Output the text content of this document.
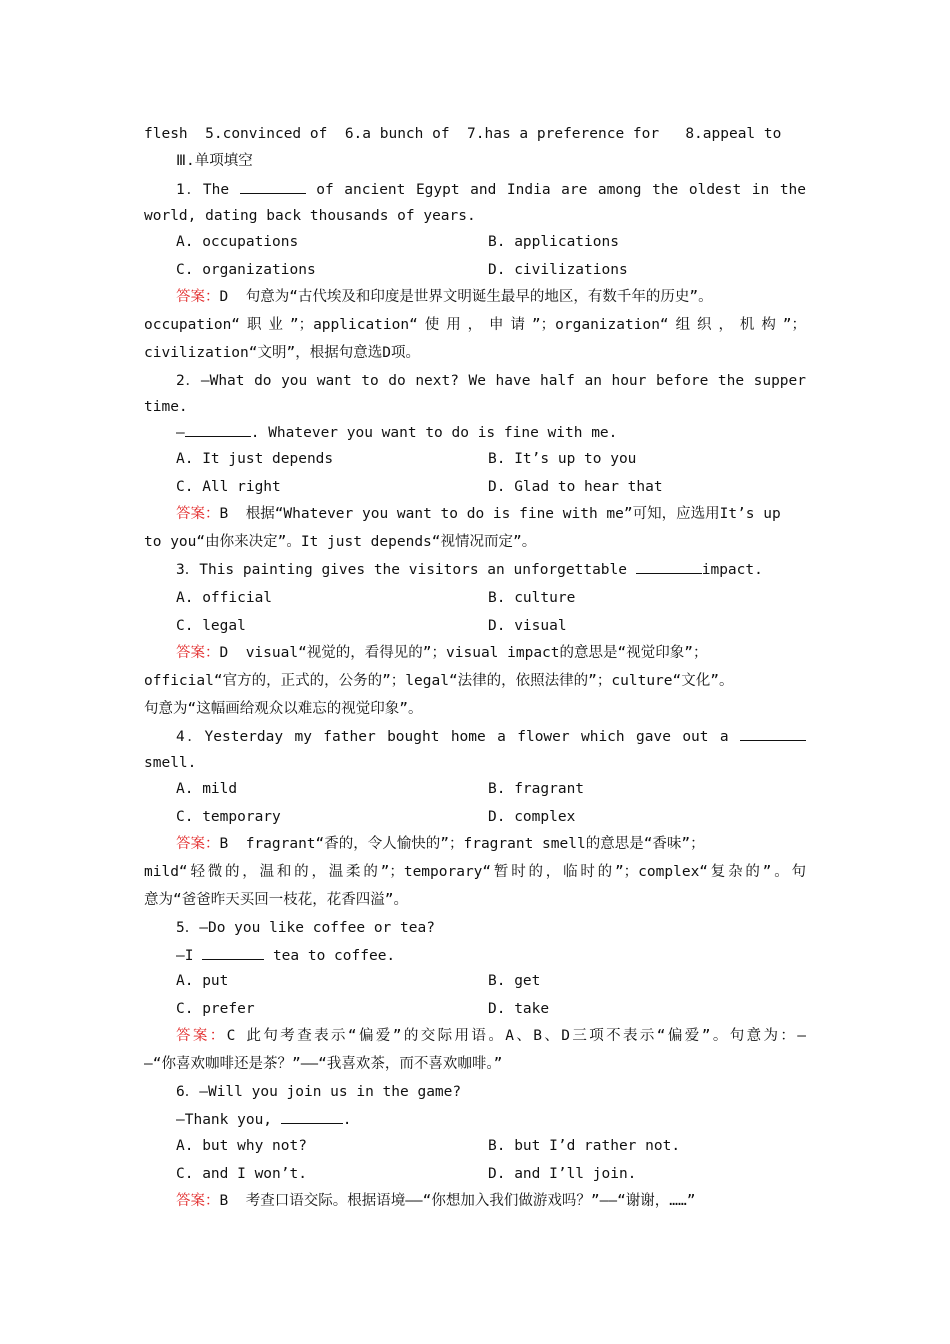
flesh 5.convinced of 6.a bunch of 7.has a preference for 8.appeal to
Ⅲ.单项填空
1．The	of ancient Egypt and India are among the oldest in the
world, dating back thousands of years.
A. occupations	B. applications
C. organizations	D. civilizations
答案：D  句意为“古代埃及和印度是世界文明诞生最早的地区，有数千年的历史”。
occupation“职业”；application“使用，申请”；organization“组织，机构”；
civilization“文明”，根据句意选D项。
2．—What do you want to do next? We have half an hour before the supper
time.
—	. Whatever you want to do is fine with me.
A. It just depends	B. It’s up to you
C. All right	D. Glad to hear that
答案：B  根据“Whatever you want to do is fine with me”可知，应选用It’s up
to you“由你来决定”。It just depends“视情况而定”。
3．This painting gives the visitors an unforgettable	impact.
A. official	B. culture
C. legal	D. visual
答案：D  visual“视觉的，看得见的”；visual impact的意思是“视觉印象”；
official“官方的，正式的，公务的”；legal“法律的，依照法律的”；culture“文化”。
句意为“这幅画给观众以难忘的视觉印象”。
4．Yesterday my father bought home a flower which gave out a
smell.
A. mild	B. fragrant
C. temporary	D. complex
答案：B  fragrant“香的，令人愉快的”；fragrant smell的意思是“香味”；
mild“轻微的，温和的，温柔的”；temporary“暂时的，临时的”；complex“复杂的”。句
意为“爸爸昨天买回一枝花，花香四溢”。
5．—Do you like coffee or tea?
—I	tea to coffee.
A. put	B. get
C. prefer	D. take
答案：C 此句考查表示“偏爱”的交际用语。A、B、D三项不表示“偏爱”。句意为：—
—“你喜欢咖啡还是茶？”——“我喜欢茶，而不喜欢咖啡。”
6．—Will you join us in the game?
—Thank you,	.
A. but why not?	B. but I’d rather not.
C. and I won’t.	D. and I’ll join.
答案：B  考查口语交际。根据语境——“你想加入我们做游戏吗？”——“谢谢，……”
